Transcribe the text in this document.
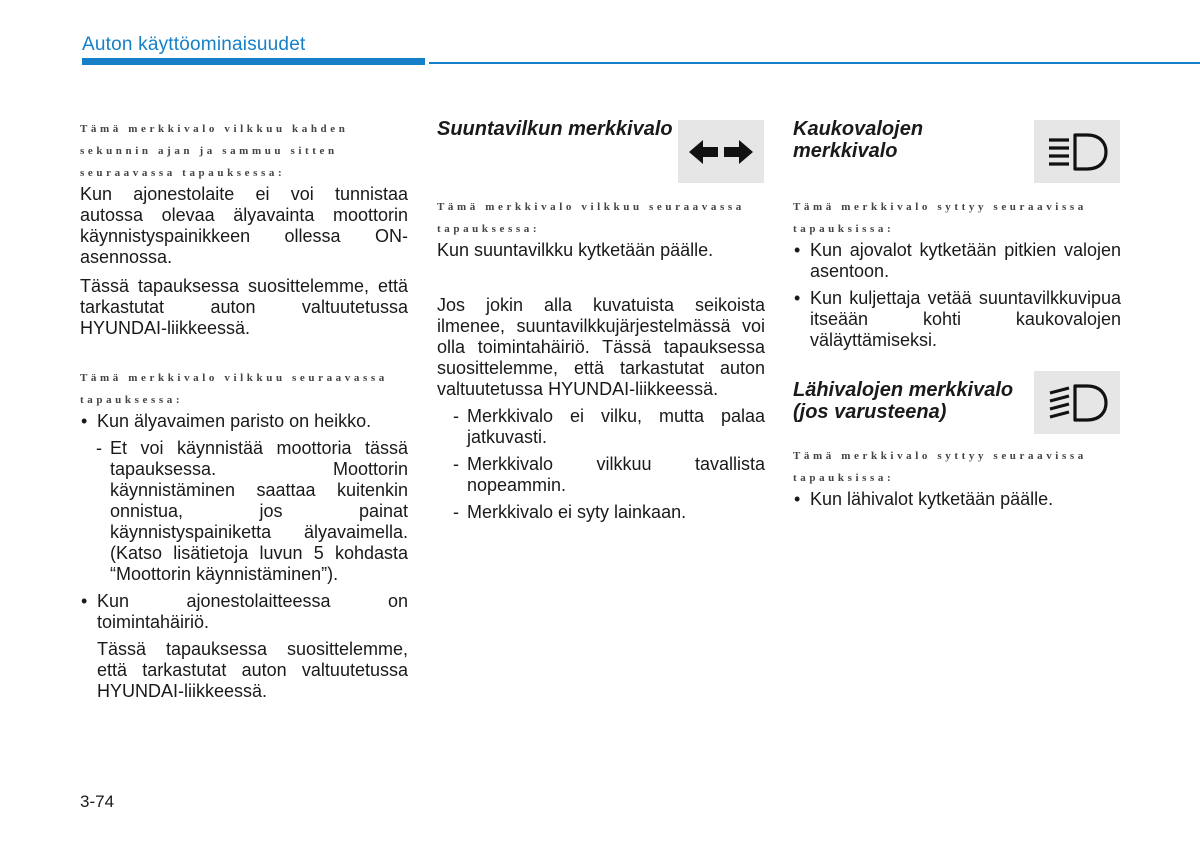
Auton käyttöominaisuudet
Tämä merkkivalo vilkkuu kahden sekunnin ajan ja sammuu sitten seuraavassa tapauksessa:

Kun ajonestolaite ei voi tunnistaa autossa olevaa älyavainta moottorin käynnistyspainikkeen ollessa ON-asennossa.

Tässä tapauksessa suosittelemme, että tarkastutat auton valtuutetussa HYUNDAI-liikkeessä.

Tämä merkkivalo vilkkuu seuraavassa tapauksessa:
• Kun älyavaimen paristo on heikko.
- Et voi käynnistää moottoria tässä tapauksessa. Moottorin käynnistäminen saattaa kuitenkin onnistua, jos painat käynnistyspainiketta älyavaimella. (Katso lisätietoja luvun 5 kohdasta “Moottorin käynnistäminen”).
• Kun ajonestolaitteessa on toimintahäiriö.
Tässä tapauksessa suosittelemme, että tarkastutat auton valtuutetussa HYUNDAI-liikkeessä.
Suuntavilkun merkkivalo
Tämä merkkivalo vilkkuu seuraavassa tapauksessa:

Kun suuntavilkku kytketään päälle.

Jos jokin alla kuvatuista seikoista ilmenee, suuntavilkkujärjestelmässä voi olla toimintahäiriö. Tässä tapauksessa suosittelemme, että tarkastutat auton valtuutetussa HYUNDAI-liikkeessä.

- Merkkivalo ei vilku, mutta palaa jatkuvasti.
- Merkkivalo vilkkuu tavallista nopeammin.
- Merkkivalo ei syty lainkaan.
Kaukovalojen merkkivalo
Tämä merkkivalo syttyy seuraavissa tapauksissa:
• Kun ajovalot kytketään pitkien valojen asentoon.
• Kun kuljettaja vetää suuntavilkkuvipua itseään kohti kaukovalojen väläyttämiseksi.
Lähivalojen merkkivalo (jos varusteena)
Tämä merkkivalo syttyy seuraavissa tapauksissa:
• Kun lähivalot kytketään päälle.
3-74
